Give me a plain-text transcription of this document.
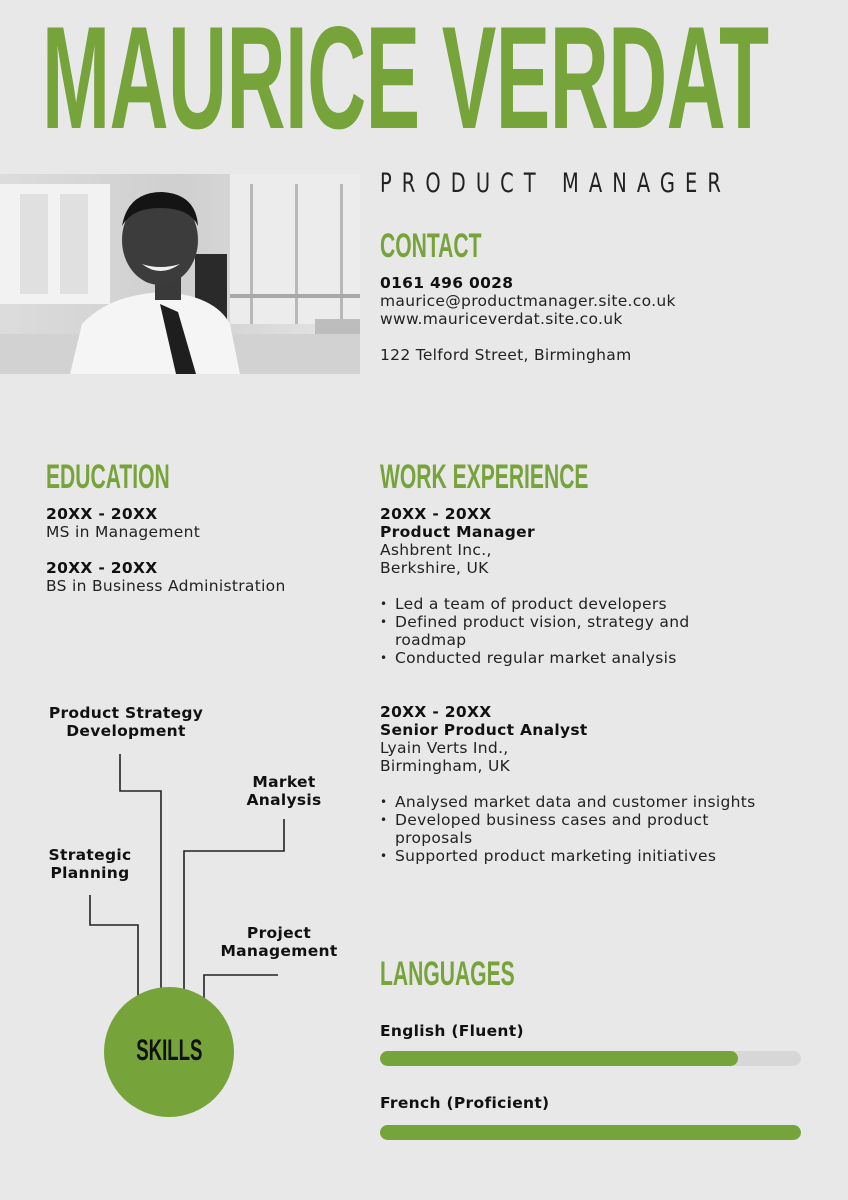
MAURICE VERDAT
PRODUCT MANAGER
CONTACT
0161 496 0028
maurice@productmanager.site.co.uk
www.mauriceverdat.site.co.uk
122 Telford Street, Birmingham
EDUCATION
20XX - 20XX
MS in Management
20XX - 20XX
BS in Business Administration
WORK EXPERIENCE
20XX - 20XX
Product Manager
Ashbrent Inc.,
Berkshire, UK
• Led a team of product developers
• Defined product vision, strategy and roadmap
• Conducted regular market analysis
20XX - 20XX
Senior Product Analyst
Lyain Verts Ind.,
Birmingham, UK
• Analysed market data and customer insights
• Developed business cases and product proposals
• Supported product marketing initiatives
Product Strategy
Development
Market
Analysis
Strategic
Planning
Project
Management
SKILLS
LANGUAGES
English (Fluent)
French (Proficient)
